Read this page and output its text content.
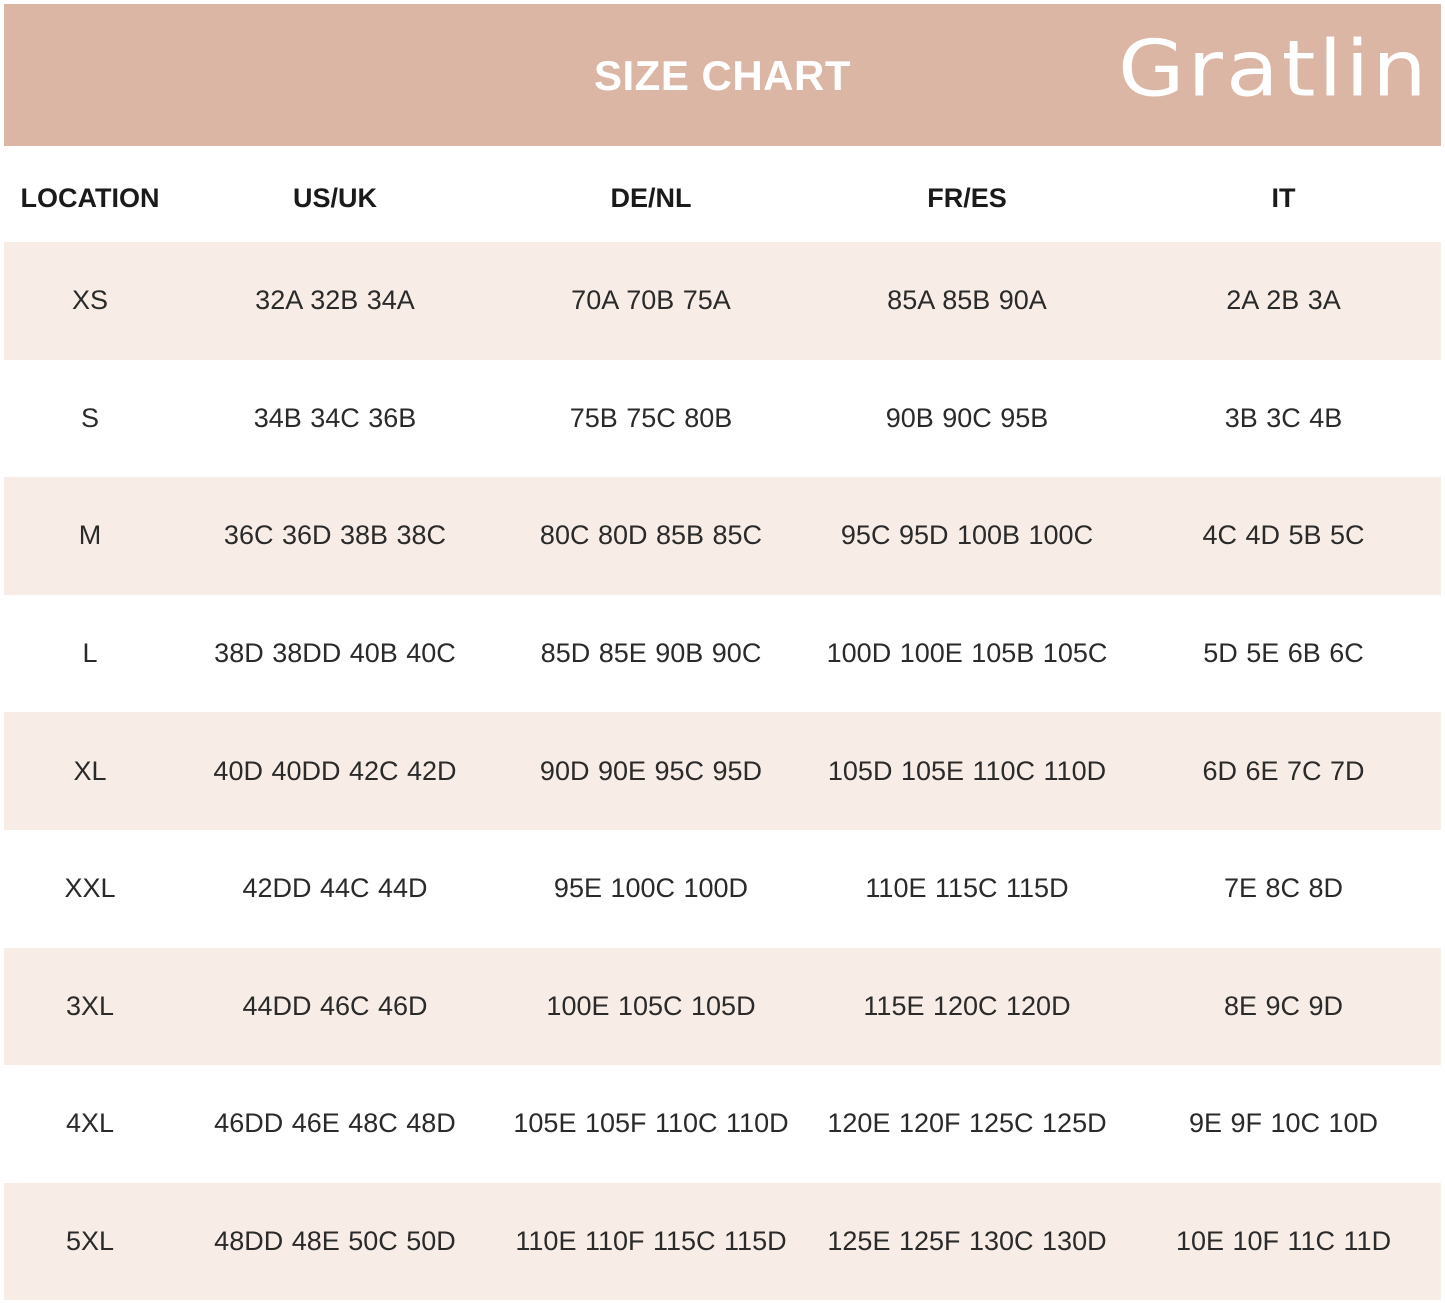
SIZE CHART	Gratlin
LOCATION	US/UK	DE/NL	FR/ES	IT
XS	32A 32B 34A	70A 70B 75A	85A 85B 90A	2A 2B 3A
S	34B 34C 36B	75B 75C 80B	90B 90C 95B	3B 3C 4B
M	36C 36D 38B 38C	80C 80D 85B 85C	95C 95D 100B 100C	4C 4D 5B 5C
L	38D 38DD 40B 40C	85D 85E 90B 90C	100D 100E 105B 105C	5D 5E 6B 6C
XL	40D 40DD 42C 42D	90D 90E 95C 95D	105D 105E 110C 110D	6D 6E 7C 7D
XXL	42DD 44C 44D	95E 100C 100D	110E 115C 115D	7E 8C 8D
3XL	44DD 46C 46D	100E 105C 105D	115E 120C 120D	8E 9C 9D
4XL	46DD 46E 48C 48D	105E 105F 110C 110D	120E 120F 125C 125D	9E 9F 10C 10D
5XL	48DD 48E 50C 50D	110E 110F 115C 115D	125E 125F 130C 130D	10E 10F 11C 11D
